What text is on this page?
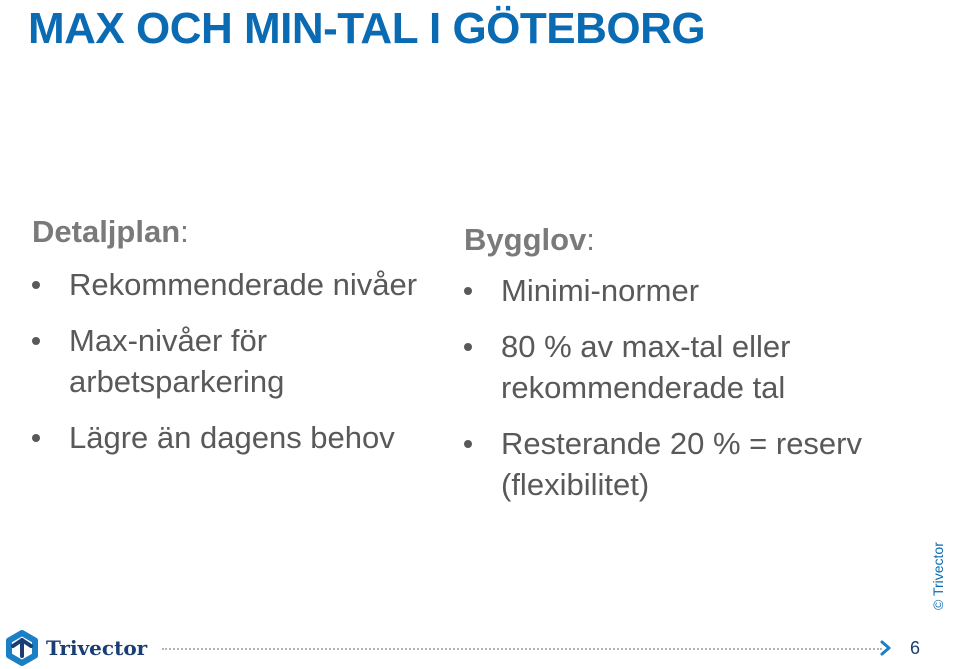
MAX OCH MIN-TAL I GÖTEBORG
Detaljplan:
Rekommenderade nivåer
Max-nivåer för arbetsparkering
Lägre än dagens behov
Bygglov:
Minimi-normer
80 % av max-tal eller rekommenderade tal
Resterande 20 % = reserv (flexibilitet)
© Trivector
Trivector	6
